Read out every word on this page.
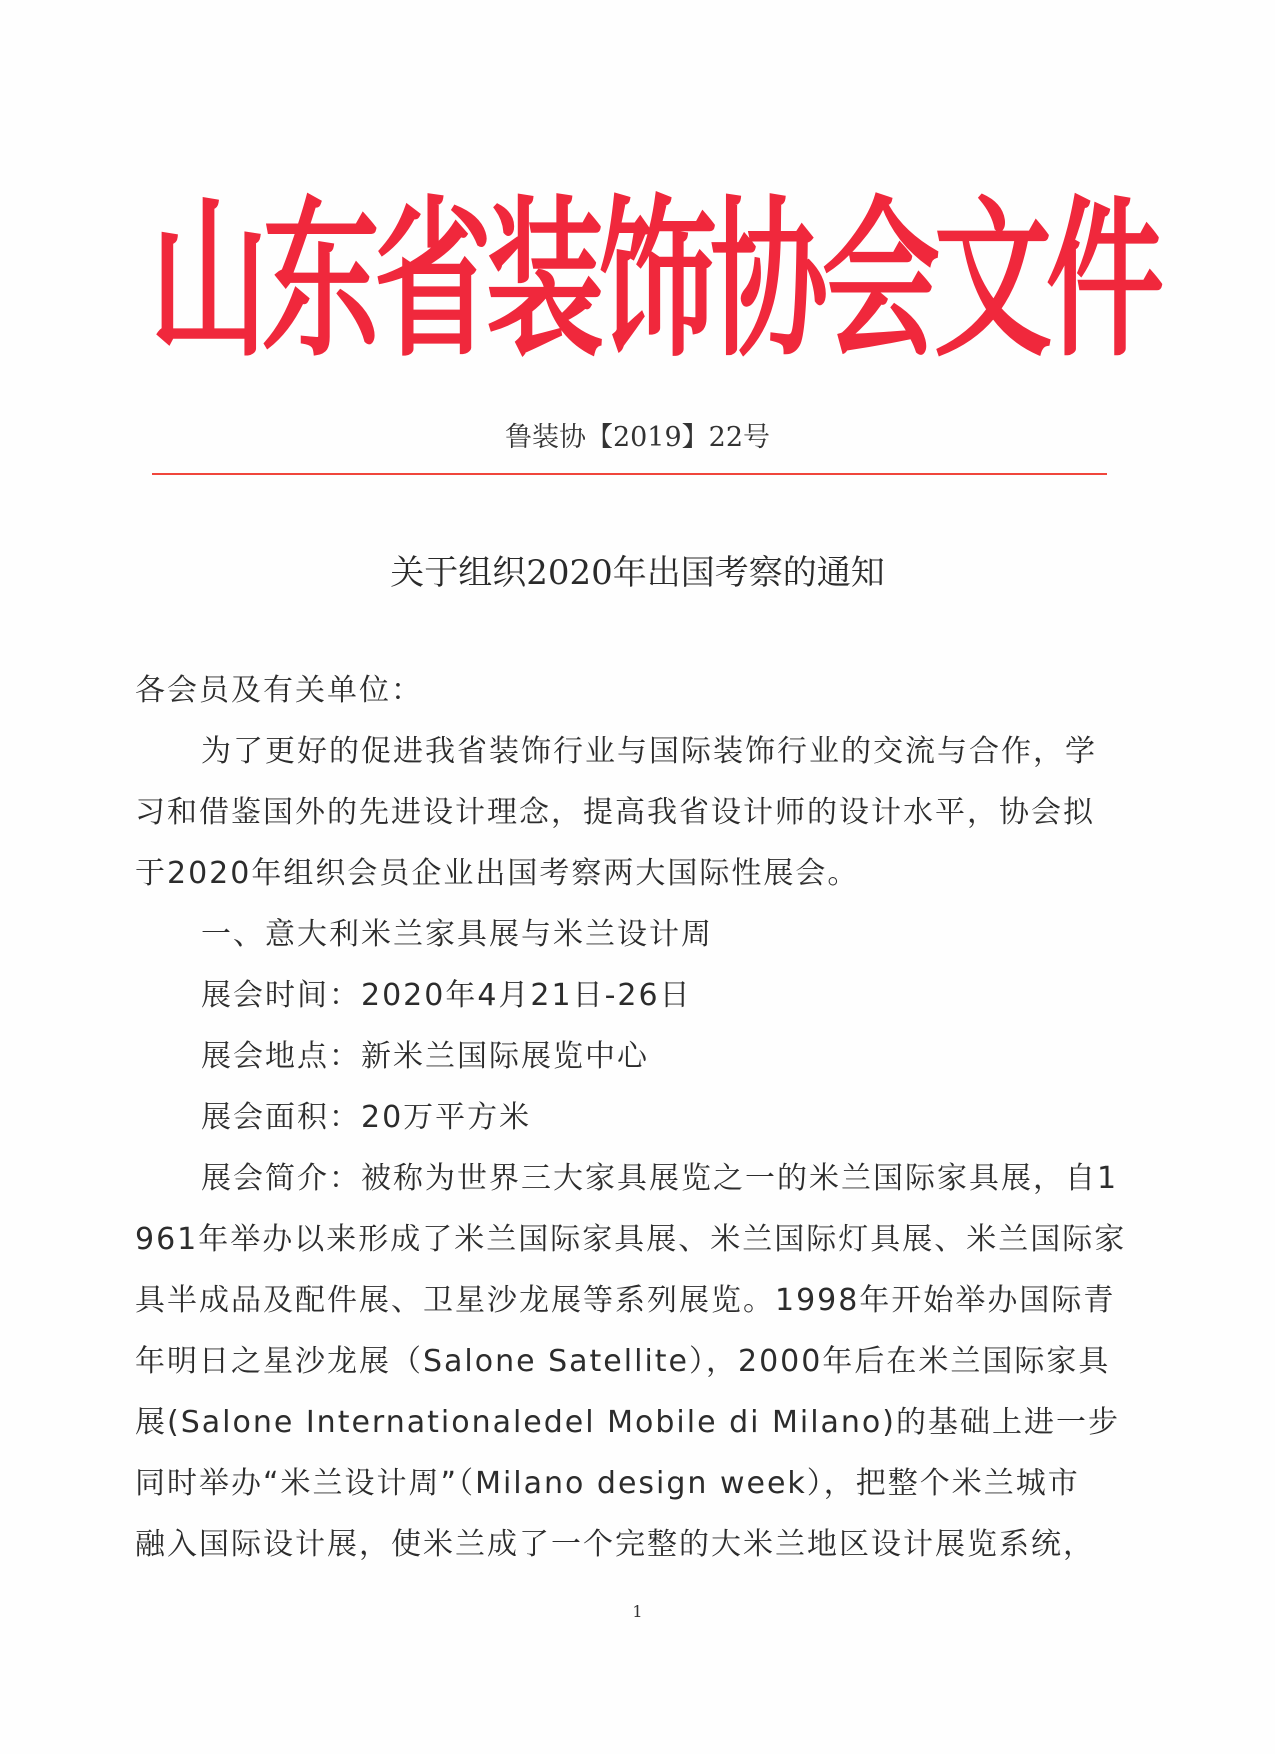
山东省装饰协会文件
鲁装协【2019】22号
关于组织2020年出国考察的通知
各会员及有关单位：
为了更好的促进我省装饰行业与国际装饰行业的交流与合作，学
习和借鉴国外的先进设计理念，提高我省设计师的设计水平，协会拟
于2020年组织会员企业出国考察两大国际性展会。
一、意大利米兰家具展与米兰设计周
展会时间：2020年4月21日-26日
展会地点：新米兰国际展览中心
展会面积：20万平方米
展会简介：被称为世界三大家具展览之一的米兰国际家具展，自1
961年举办以来形成了米兰国际家具展、米兰国际灯具展、米兰国际家
具半成品及配件展、卫星沙龙展等系列展览。1998年开始举办国际青
年明日之星沙龙展（Salone Satellite），2000年后在米兰国际家具
展(Salone Internationaledel Mobile di Milano)的基础上进一步
同时举办“米兰设计周”（Milano design week），把整个米兰城市
融入国际设计展，使米兰成了一个完整的大米兰地区设计展览系统，
1
